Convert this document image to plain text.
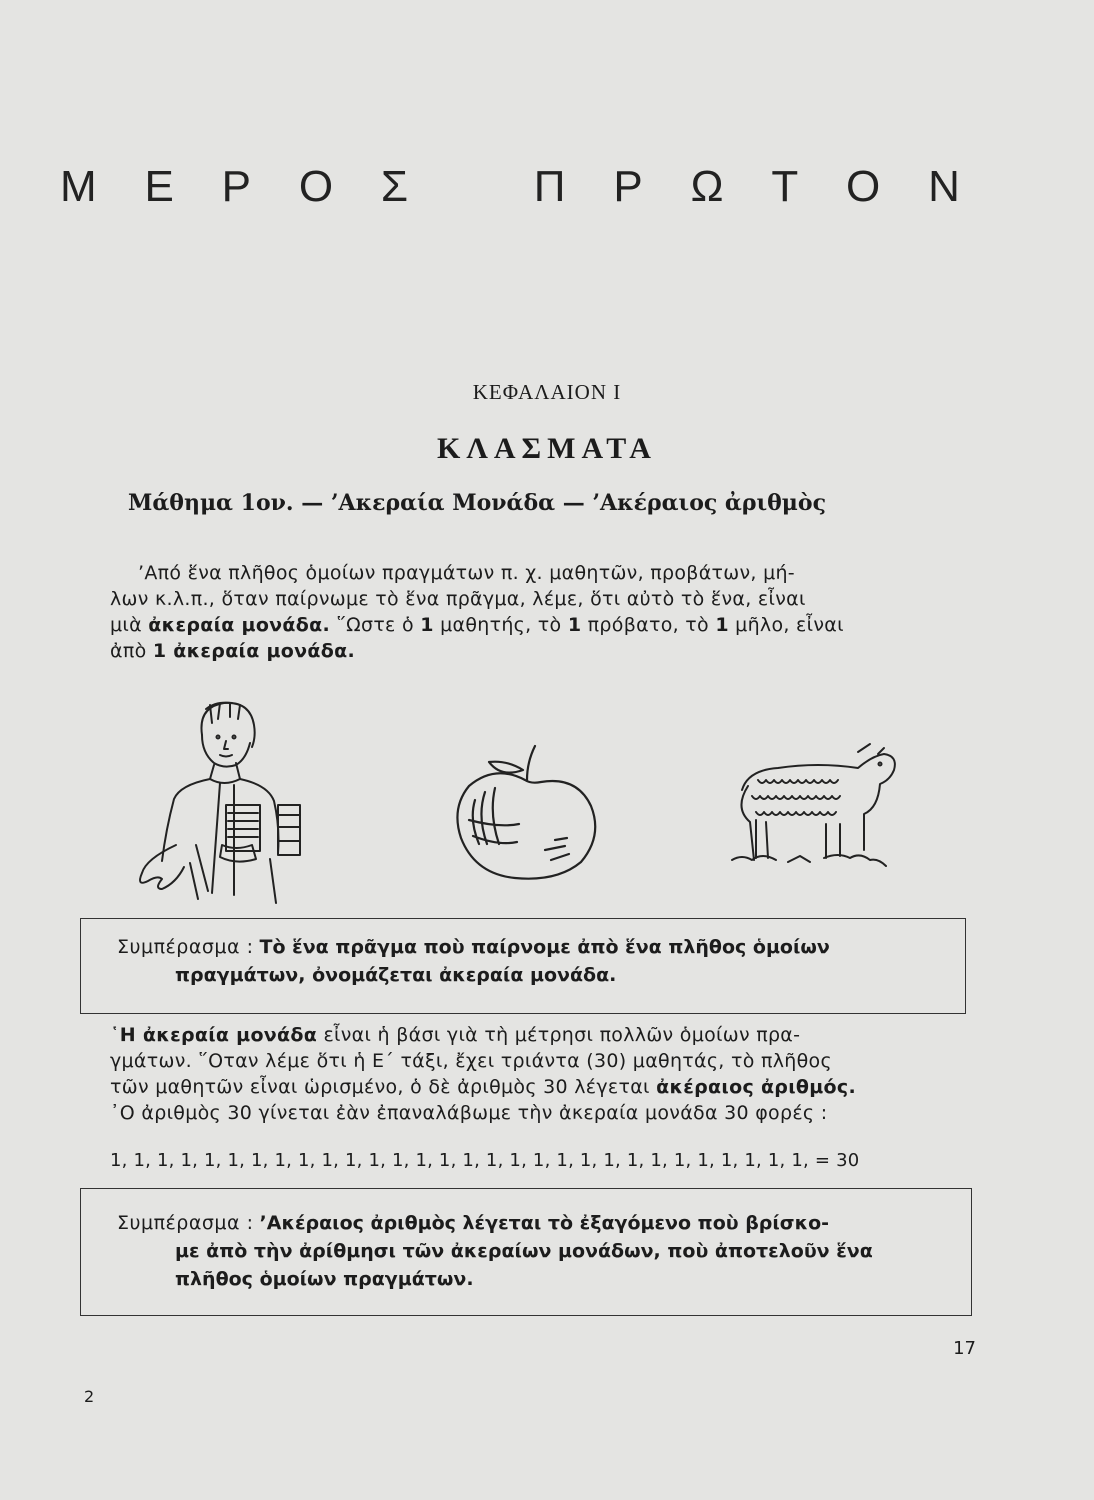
Μ Ε Ρ Ο Σ	Π Ρ Ω Τ Ο Ν
ΚΕΦΑΛΑΙΟΝ I
ΚΛΑΣΜΑΤΑ
Μάθημα 1ον. — ’Ακεραία Μονάδα — ’Ακέραιος ἀριθμὸς
’Από ἕνα πλῆθος ὁμοίων πραγμάτων π. χ. μαθητῶν, προβάτων, μή-
λων κ.λ.π., ὅταν παίρνωμε τὸ ἕνα πρᾶγμα, λέμε, ὅτι αὐτὸ τὸ ἕνα, εἶναι
μιὰ ἀκεραία μονάδα. ῞Ωστε ὁ 1 μαθητής, τὸ 1 πρόβατο, τὸ 1 μῆλο, εἶναι
ἀπὸ 1 ἀκεραία μονάδα.
Συμπέρασμα : Τὸ ἕνα πρᾶγμα ποὺ παίρνομε ἀπὸ ἕνα πλῆθος ὁμοίων
πραγμάτων, ὀνομάζεται ἀκεραία μονάδα.
῾Η ἀκεραία μονάδα εἶναι ἡ βάσι γιὰ τὴ μέτρησι πολλῶν ὁμοίων πρα-
γμάτων. ῞Οταν λέμε ὅτι ἡ Ε΄ τάξι, ἔχει τριάντα (30) μαθητάς, τὸ πλῆθος
τῶν μαθητῶν εἶναι ὡρισμένο, ὁ δὲ ἀριθμὸς 30 λέγεται ἀκέραιος ἀριθμός.
᾿Ο ἀριθμὸς 30 γίνεται ἐὰν ἐπαναλάβωμε τὴν ἀκεραία μονάδα 30 φορές :
1, 1, 1, 1, 1, 1, 1, 1, 1, 1, 1, 1, 1, 1, 1, 1, 1, 1, 1, 1, 1, 1, 1, 1, 1, 1, 1, 1, 1, 1, = 30
Συμπέρασμα : ’Ακέραιος ἀριθμὸς λέγεται τὸ ἐξαγόμενο ποὺ βρίσκο-
με ἀπὸ τὴν ἀρίθμησι τῶν ἀκεραίων μονάδων, ποὺ ἀποτελοῦν ἕνα
πλῆθος ὁμοίων πραγμάτων.
17
2
